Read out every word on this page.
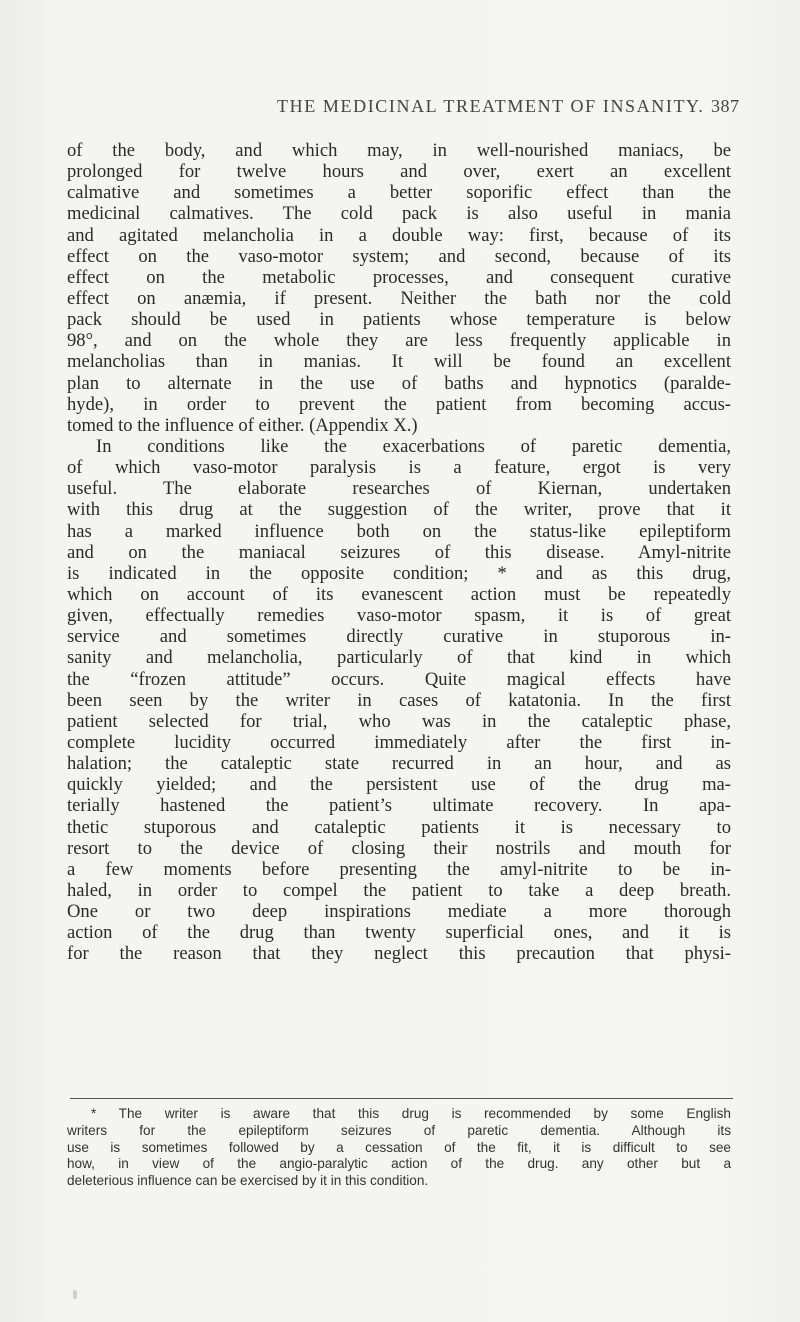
THE MEDICINAL TREATMENT OF INSANITY. 387
of the body, and which may, in well-nourished maniacs, be
prolonged for twelve hours and over, exert an excellent
calmative and sometimes a better soporific effect than the
medicinal calmatives. The cold pack is also useful in mania
and agitated melancholia in a double way: first, because of its
effect on the vaso-motor system; and second, because of its
effect on the metabolic processes, and consequent curative
effect on anæmia, if present. Neither the bath nor the cold
pack should be used in patients whose temperature is below
98°, and on the whole they are less frequently applicable in
melancholias than in manias. It will be found an excellent
plan to alternate in the use of baths and hypnotics (paralde-
hyde), in order to prevent the patient from becoming accus-
tomed to the influence of either. (Appendix X.)
In conditions like the exacerbations of paretic dementia,
of which vaso-motor paralysis is a feature, ergot is very
useful. The elaborate researches of Kiernan, undertaken
with this drug at the suggestion of the writer, prove that it
has a marked influence both on the status-like epileptiform
and on the maniacal seizures of this disease. Amyl-nitrite
is indicated in the opposite condition; * and as this drug,
which on account of its evanescent action must be repeatedly
given, effectually remedies vaso-motor spasm, it is of great
service and sometimes directly curative in stuporous in-
sanity and melancholia, particularly of that kind in which
the “frozen attitude” occurs. Quite magical effects have
been seen by the writer in cases of katatonia. In the first
patient selected for trial, who was in the cataleptic phase,
complete lucidity occurred immediately after the first in-
halation; the cataleptic state recurred in an hour, and as
quickly yielded; and the persistent use of the drug ma-
terially hastened the patient’s ultimate recovery. In apa-
thetic stuporous and cataleptic patients it is necessary to
resort to the device of closing their nostrils and mouth for
a few moments before presenting the amyl-nitrite to be in-
haled, in order to compel the patient to take a deep breath.
One or two deep inspirations mediate a more thorough
action of the drug than twenty superficial ones, and it is
for the reason that they neglect this precaution that physi-
* The writer is aware that this drug is recommended by some English
writers for the epileptiform seizures of paretic dementia. Although its
use is sometimes followed by a cessation of the fit, it is difficult to see
how, in view of the angio-paralytic action of the drug. any other but a
deleterious influence can be exercised by it in this condition.
